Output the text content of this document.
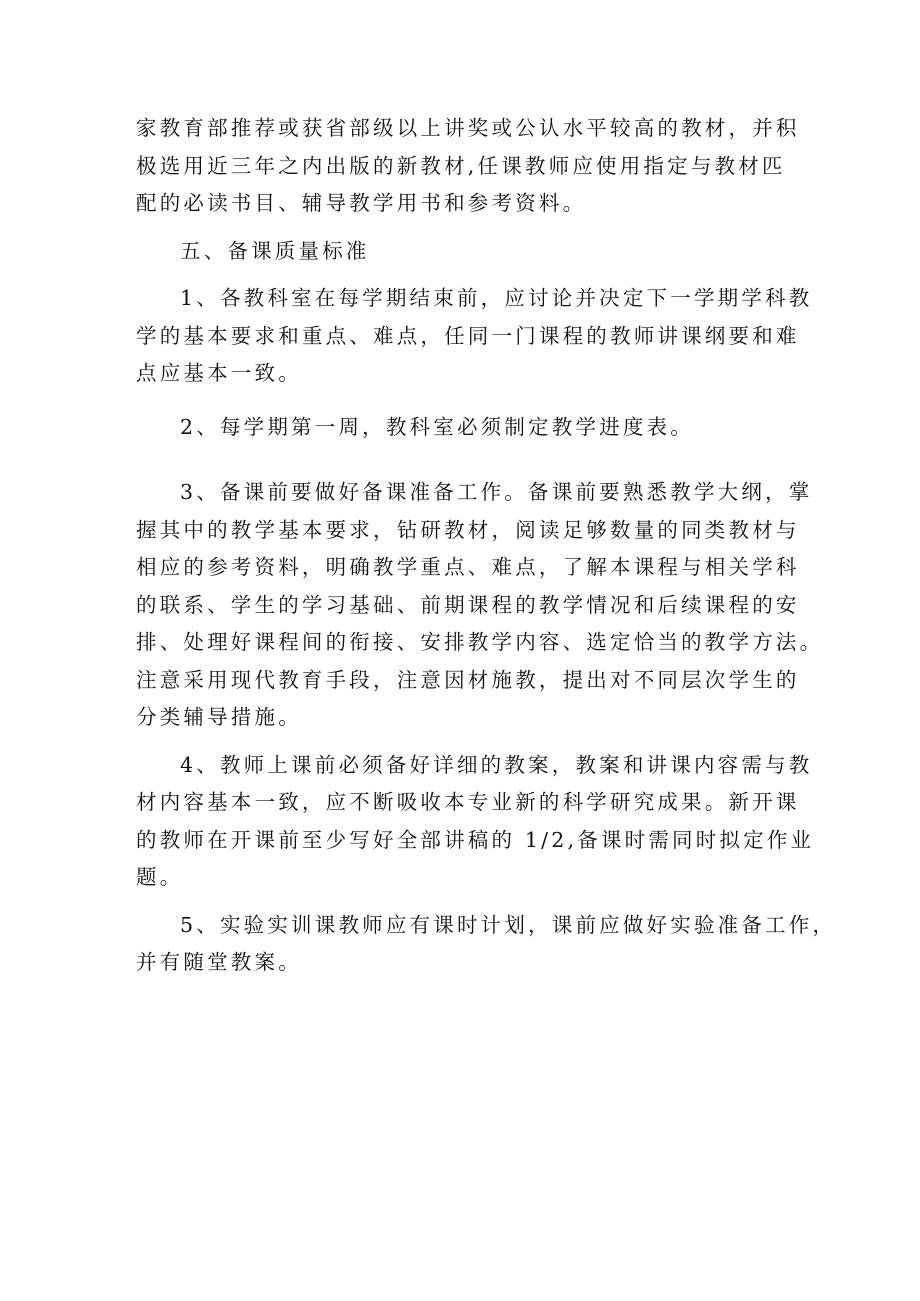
家教育部推荐或获省部级以上讲奖或公认水平较高的教材，并积
极选用近三年之内出版的新教材,任课教师应使用指定与教材匹
配的必读书目、辅导教学用书和参考资料。
五、备课质量标准
1、各教科室在每学期结束前，应讨论并决定下一学期学科教
学的基本要求和重点、难点，任同一门课程的教师讲课纲要和难
点应基本一致。
2、每学期第一周，教科室必须制定教学进度表。
3、备课前要做好备课准备工作。备课前要熟悉教学大纲，掌
握其中的教学基本要求，钻研教材，阅读足够数量的同类教材与
相应的参考资料，明确教学重点、难点，了解本课程与相关学科
的联系、学生的学习基础、前期课程的教学情况和后续课程的安
排、处理好课程间的衔接、安排教学内容、选定恰当的教学方法。
注意采用现代教育手段，注意因材施教，提出对不同层次学生的
分类辅导措施。
4、教师上课前必须备好详细的教案，教案和讲课内容需与教
材内容基本一致，应不断吸收本专业新的科学研究成果。新开课
的教师在开课前至少写好全部讲稿的 1/2,备课时需同时拟定作业
题。
5、实验实训课教师应有课时计划，课前应做好实验准备工作，
并有随堂教案。
